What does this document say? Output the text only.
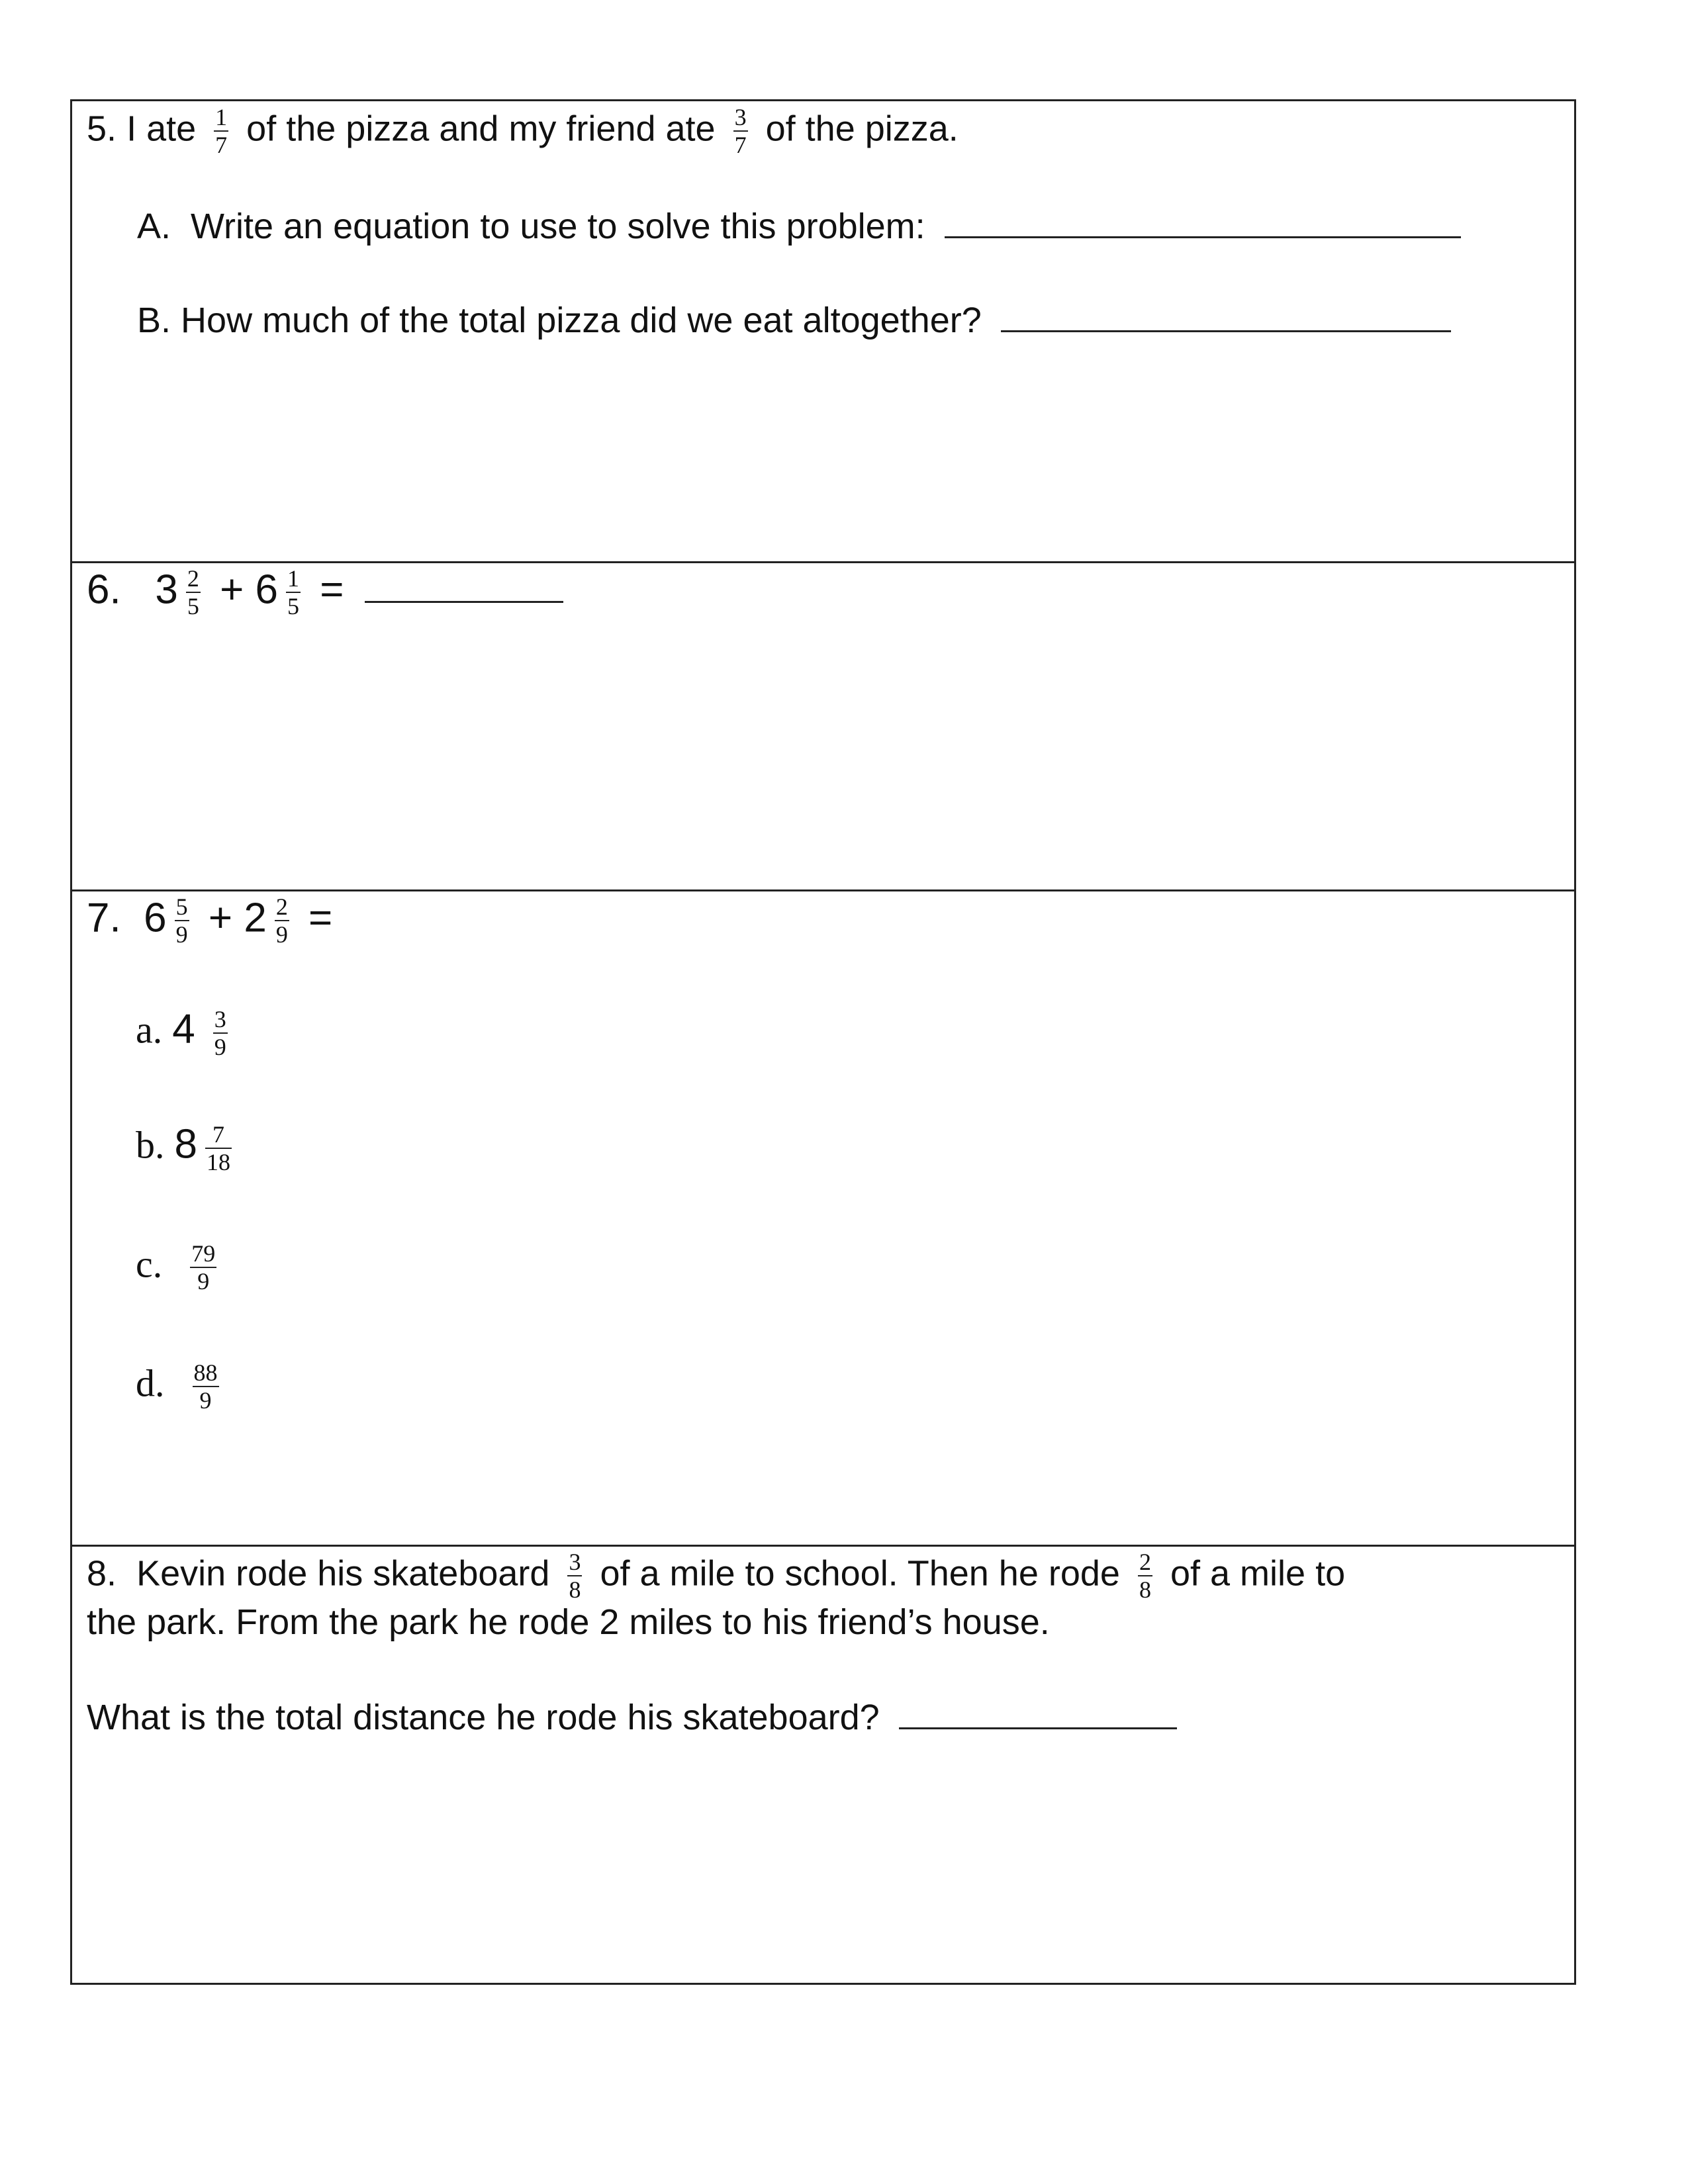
5. I ate $\frac{1}{7}$ of the pizza and my friend ate $\frac{3}{7}$ of the pizza.
A. Write an equation to use to solve this problem:
B. How much of the total pizza did we eat altogether?
6. $3 \frac{2}{5} + 6 \frac{1}{5}$ =
7. $6 \frac{5}{9} + 2 \frac{2}{9}$ =
a. $4 \frac{3}{9}$
b. $8 \frac{7}{18}$
c. $\frac{79}{9}$
d. $\frac{88}{9}$
8. Kevin rode his skateboard $\frac{3}{8}$ of a mile to school. Then he rode $\frac{2}{8}$ of a mile to
the park. From the park he rode 2 miles to his friend’s house.
What is the total distance he rode his skateboard?
